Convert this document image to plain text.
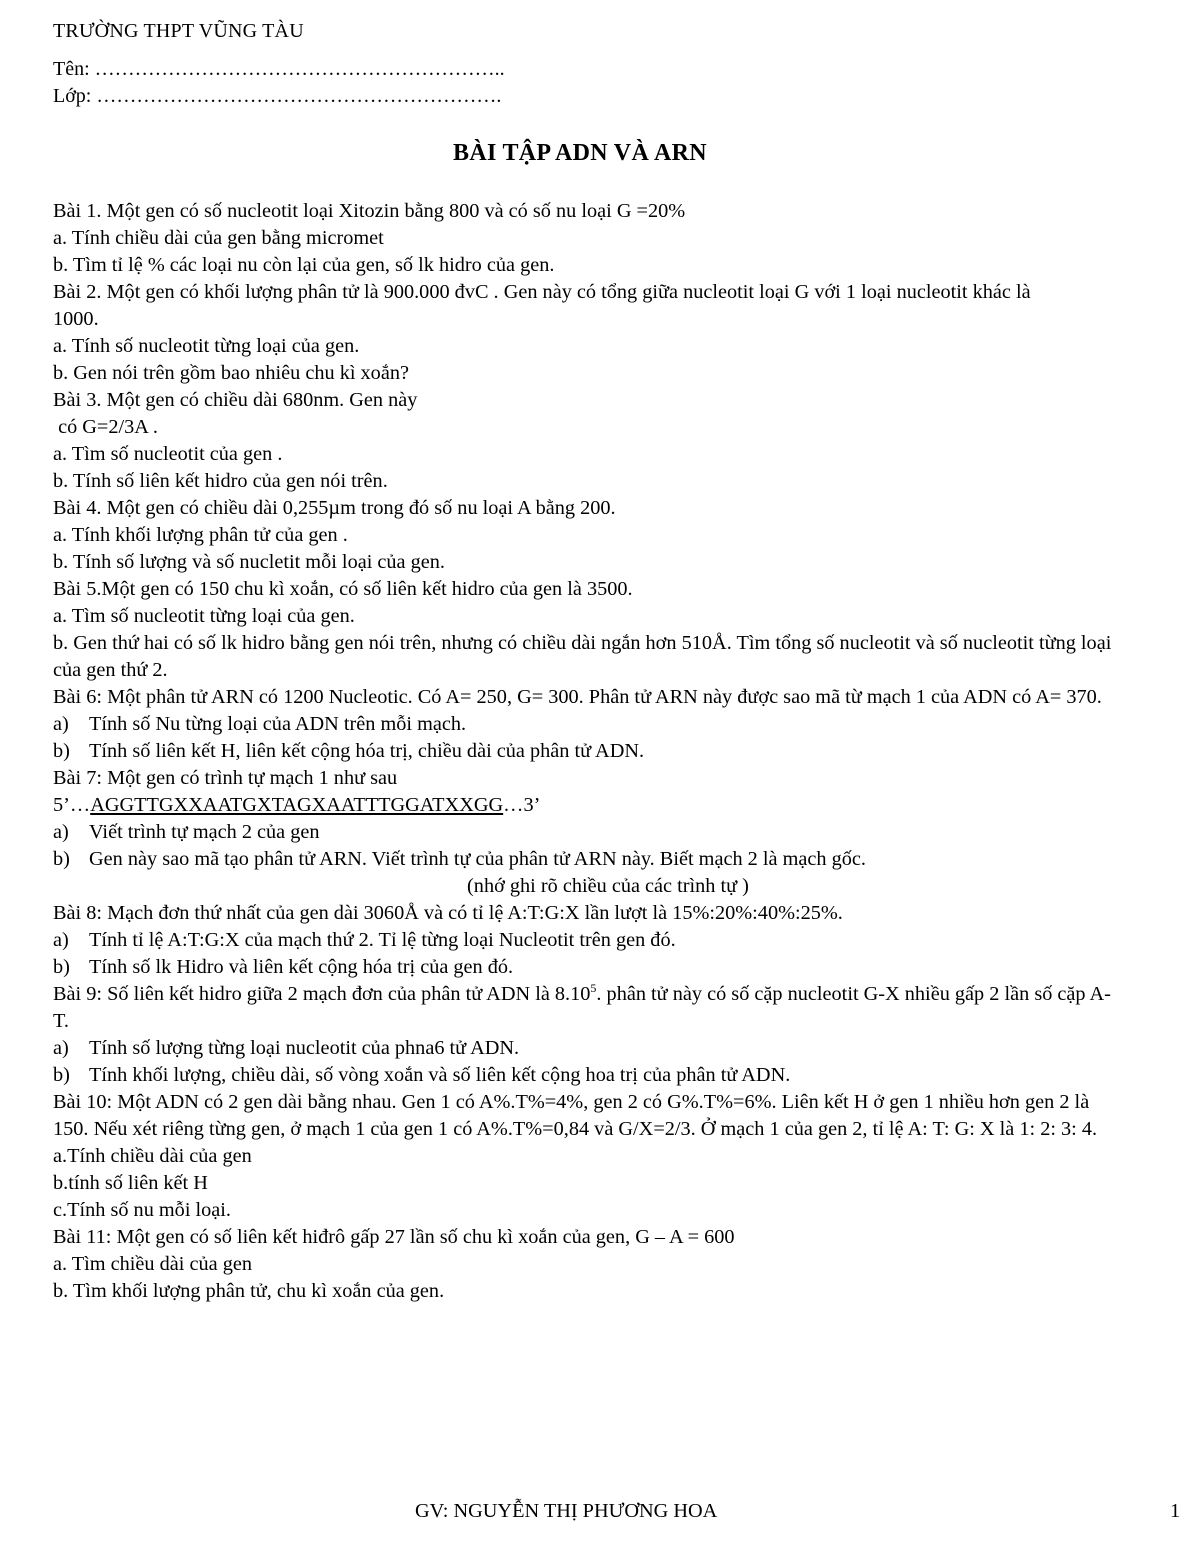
TRƯỜNG THPT VŨNG TÀU
Tên: ……………………………………………………..
Lớp: …………………………………………………….
BÀI TẬP ADN VÀ ARN
Bài 1. Một gen có số nucleotit loại Xitozin bằng 800 và có số nu loại G =20%
a. Tính chiều dài của gen bằng micromet
b. Tìm tỉ lệ % các loại nu còn lại của gen, số lk hidro của gen.
Bài 2. Một gen có khối lượng phân tử là 900.000 đvC . Gen này có tổng giữa nucleotit loại G với 1 loại nucleotit khác là 1000.
a. Tính số nucleotit từng loại của gen.
b. Gen nói trên gồm bao nhiêu chu kì xoắn?
Bài 3. Một gen có chiều dài 680nm. Gen này
có G=2/3A .
a. Tìm số nucleotit của gen .
b. Tính số liên kết hidro của gen nói trên.
Bài 4. Một gen có chiều dài 0,255µm trong đó số nu loại A bằng 200.
a. Tính khối lượng phân tử của gen .
b. Tính số lượng và số nucletit mỗi loại của gen.
Bài 5.Một gen có 150 chu kì xoắn, có số liên kết hidro của gen là 3500.
a. Tìm số nucleotit từng loại của gen.
b. Gen thứ hai có số lk hidro bằng gen nói trên, nhưng có chiều dài ngắn hơn 510Å. Tìm tổng số nucleotit và số nucleotit từng loại của gen thứ 2.
Bài 6: Một phân tử ARN có 1200 Nucleotic. Có A= 250, G= 300. Phân tử ARN này được sao mã từ mạch 1 của ADN có A= 370.
a) Tính số Nu từng loại của ADN trên mỗi mạch.
b) Tính số liên kết H, liên kết cộng hóa trị, chiều dài của phân tử ADN.
Bài 7: Một gen có trình tự mạch 1 như sau
5’…AGGTTGXXAATGXTAGXAATTTGGATXXGG…3’
a) Viết trình tự mạch 2 của gen
b) Gen này sao mã tạo phân tử ARN. Viết trình tự của phân tử ARN này. Biết mạch 2 là mạch gốc.
(nhớ ghi rõ chiều của các trình tự )
Bài 8: Mạch đơn thứ nhất của gen dài 3060Å và có tỉ lệ A:T:G:X lần lượt là 15%:20%:40%:25%.
a) Tính tỉ lệ A:T:G:X của mạch thứ 2. Tỉ lệ từng loại Nucleotit trên gen đó.
b) Tính số lk Hidro và liên kết cộng hóa trị của gen đó.
Bài 9: Số liên kết hidro giữa 2 mạch đơn của phân tử ADN là 8.10$^5$. phân tử này có số cặp nucleotit G-X nhiều gấp 2 lần số cặp A-T.
a) Tính số lượng từng loại nucleotit của phna6 tử ADN.
b) Tính khối lượng, chiều dài, số vòng xoắn và số liên kết cộng hoa trị của phân tử ADN.
Bài 10: Một ADN có 2 gen dài bằng nhau. Gen 1 có A%.T%=4%, gen 2 có G%.T%=6%. Liên kết H ở gen 1 nhiều hơn gen 2 là 150. Nếu xét riêng từng gen, ở mạch 1 của gen 1 có A%.T%=0,84 và G/X=2/3. Ở mạch 1 của gen 2, tỉ lệ A: T: G: X là 1: 2: 3: 4.
a.Tính chiều dài của gen
b.tính số liên kết H
c.Tính số nu mỗi loại.
Bài 11: Một gen có số liên kết hiđrô gấp 27 lần số chu kì xoắn của gen, G – A = 600
a. Tìm chiều dài của gen
b. Tìm khối lượng phân tử, chu kì xoắn của gen.
GV: NGUYỄN THỊ PHƯƠNG HOA	1
